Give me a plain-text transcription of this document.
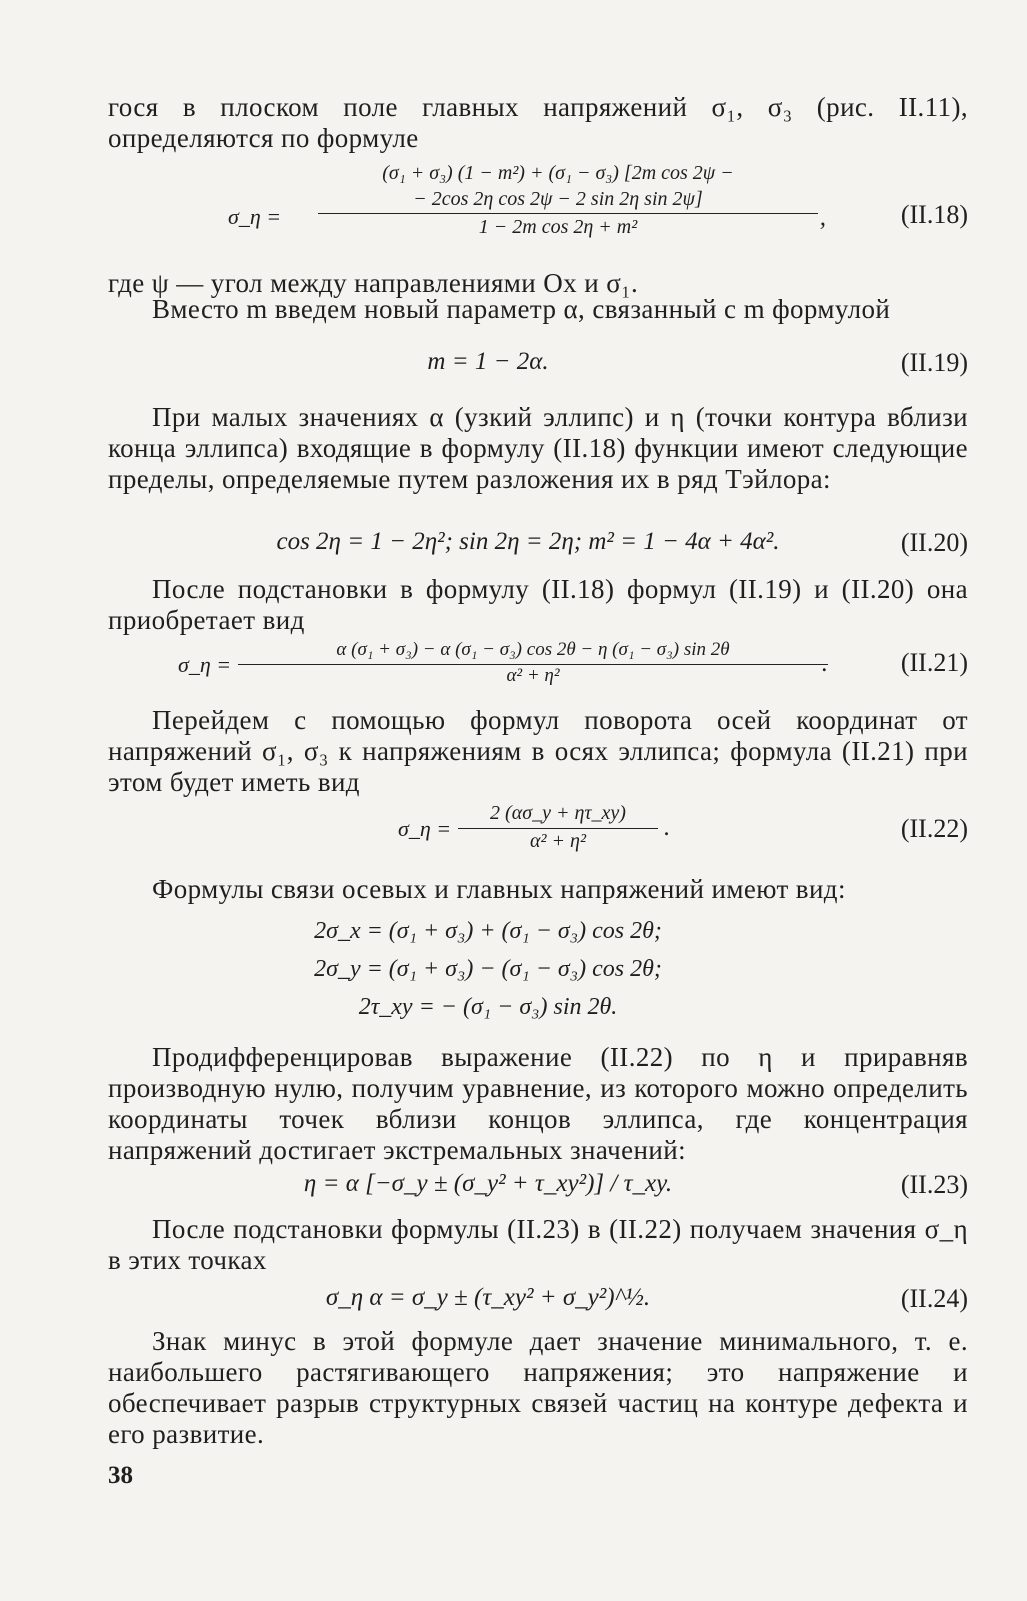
гося в плоском поле главных напряжений σ₁, σ₃ (рис. II.11), определяются по формуле
σ_η =
(σ₁ + σ₃) (1 − m²) + (σ₁ − σ₃) [2m cos 2ψ −
− 2cos 2η cos 2ψ − 2 sin 2η sin 2ψ]
1 − 2m cos 2η + m²	,	(II.18)
где ψ — угол между направлениями Ox и σ₁.
Вместо m введем новый параметр α, связанный с m формулой
m = 1 − 2α.	(II.19)
При малых значениях α (узкий эллипс) и η (точки контура вблизи конца эллипса) входящие в формулу (II.18) функции имеют следующие пределы, определяемые путем разложения их в ряд Тэйлора:
cos 2η = 1 − 2η²; sin 2η = 2η; m² = 1 − 4α + 4α².	(II.20)
После подстановки в формулу (II.18) формул (II.19) и (II.20) она приобретает вид
σ_η =
α (σ₁ + σ₃) − α (σ₁ − σ₃) cos 2θ − η (σ₁ − σ₃) sin 2θ
α² + η²	.	(II.21)
Перейдем с помощью формул поворота осей координат от напряжений σ₁, σ₃ к напряжениям в осях эллипса; формула (II.21) при этом будет иметь вид
σ_η =
2 (ασ_y + ητ_xy)
α² + η²	.	(II.22)
Формулы связи осевых и главных напряжений имеют вид:
2σ_x = (σ₁ + σ₃) + (σ₁ − σ₃) cos 2θ;
2σ_y = (σ₁ + σ₃) − (σ₁ − σ₃) cos 2θ;
2τ_xy = − (σ₁ − σ₃) sin 2θ.
Продифференцировав выражение (II.22) по η и приравняв производную нулю, получим уравнение, из которого можно определить координаты точек вблизи концов эллипса, где концентрация напряжений достигает экстремальных значений:
η = α [−σ_y ± (σ_y² + τ_xy²)] / τ_xy.	(II.23)
После подстановки формулы (II.23) в (II.22) получаем значения σ_η в этих точках
σ_η α = σ_y ± (τ_xy² + σ_y²)^½.	(II.24)
Знак минус в этой формуле дает значение минимального, т. е. наибольшего растягивающего напряжения; это напряжение и обеспечивает разрыв структурных связей частиц на контуре дефекта и его развитие.
38
